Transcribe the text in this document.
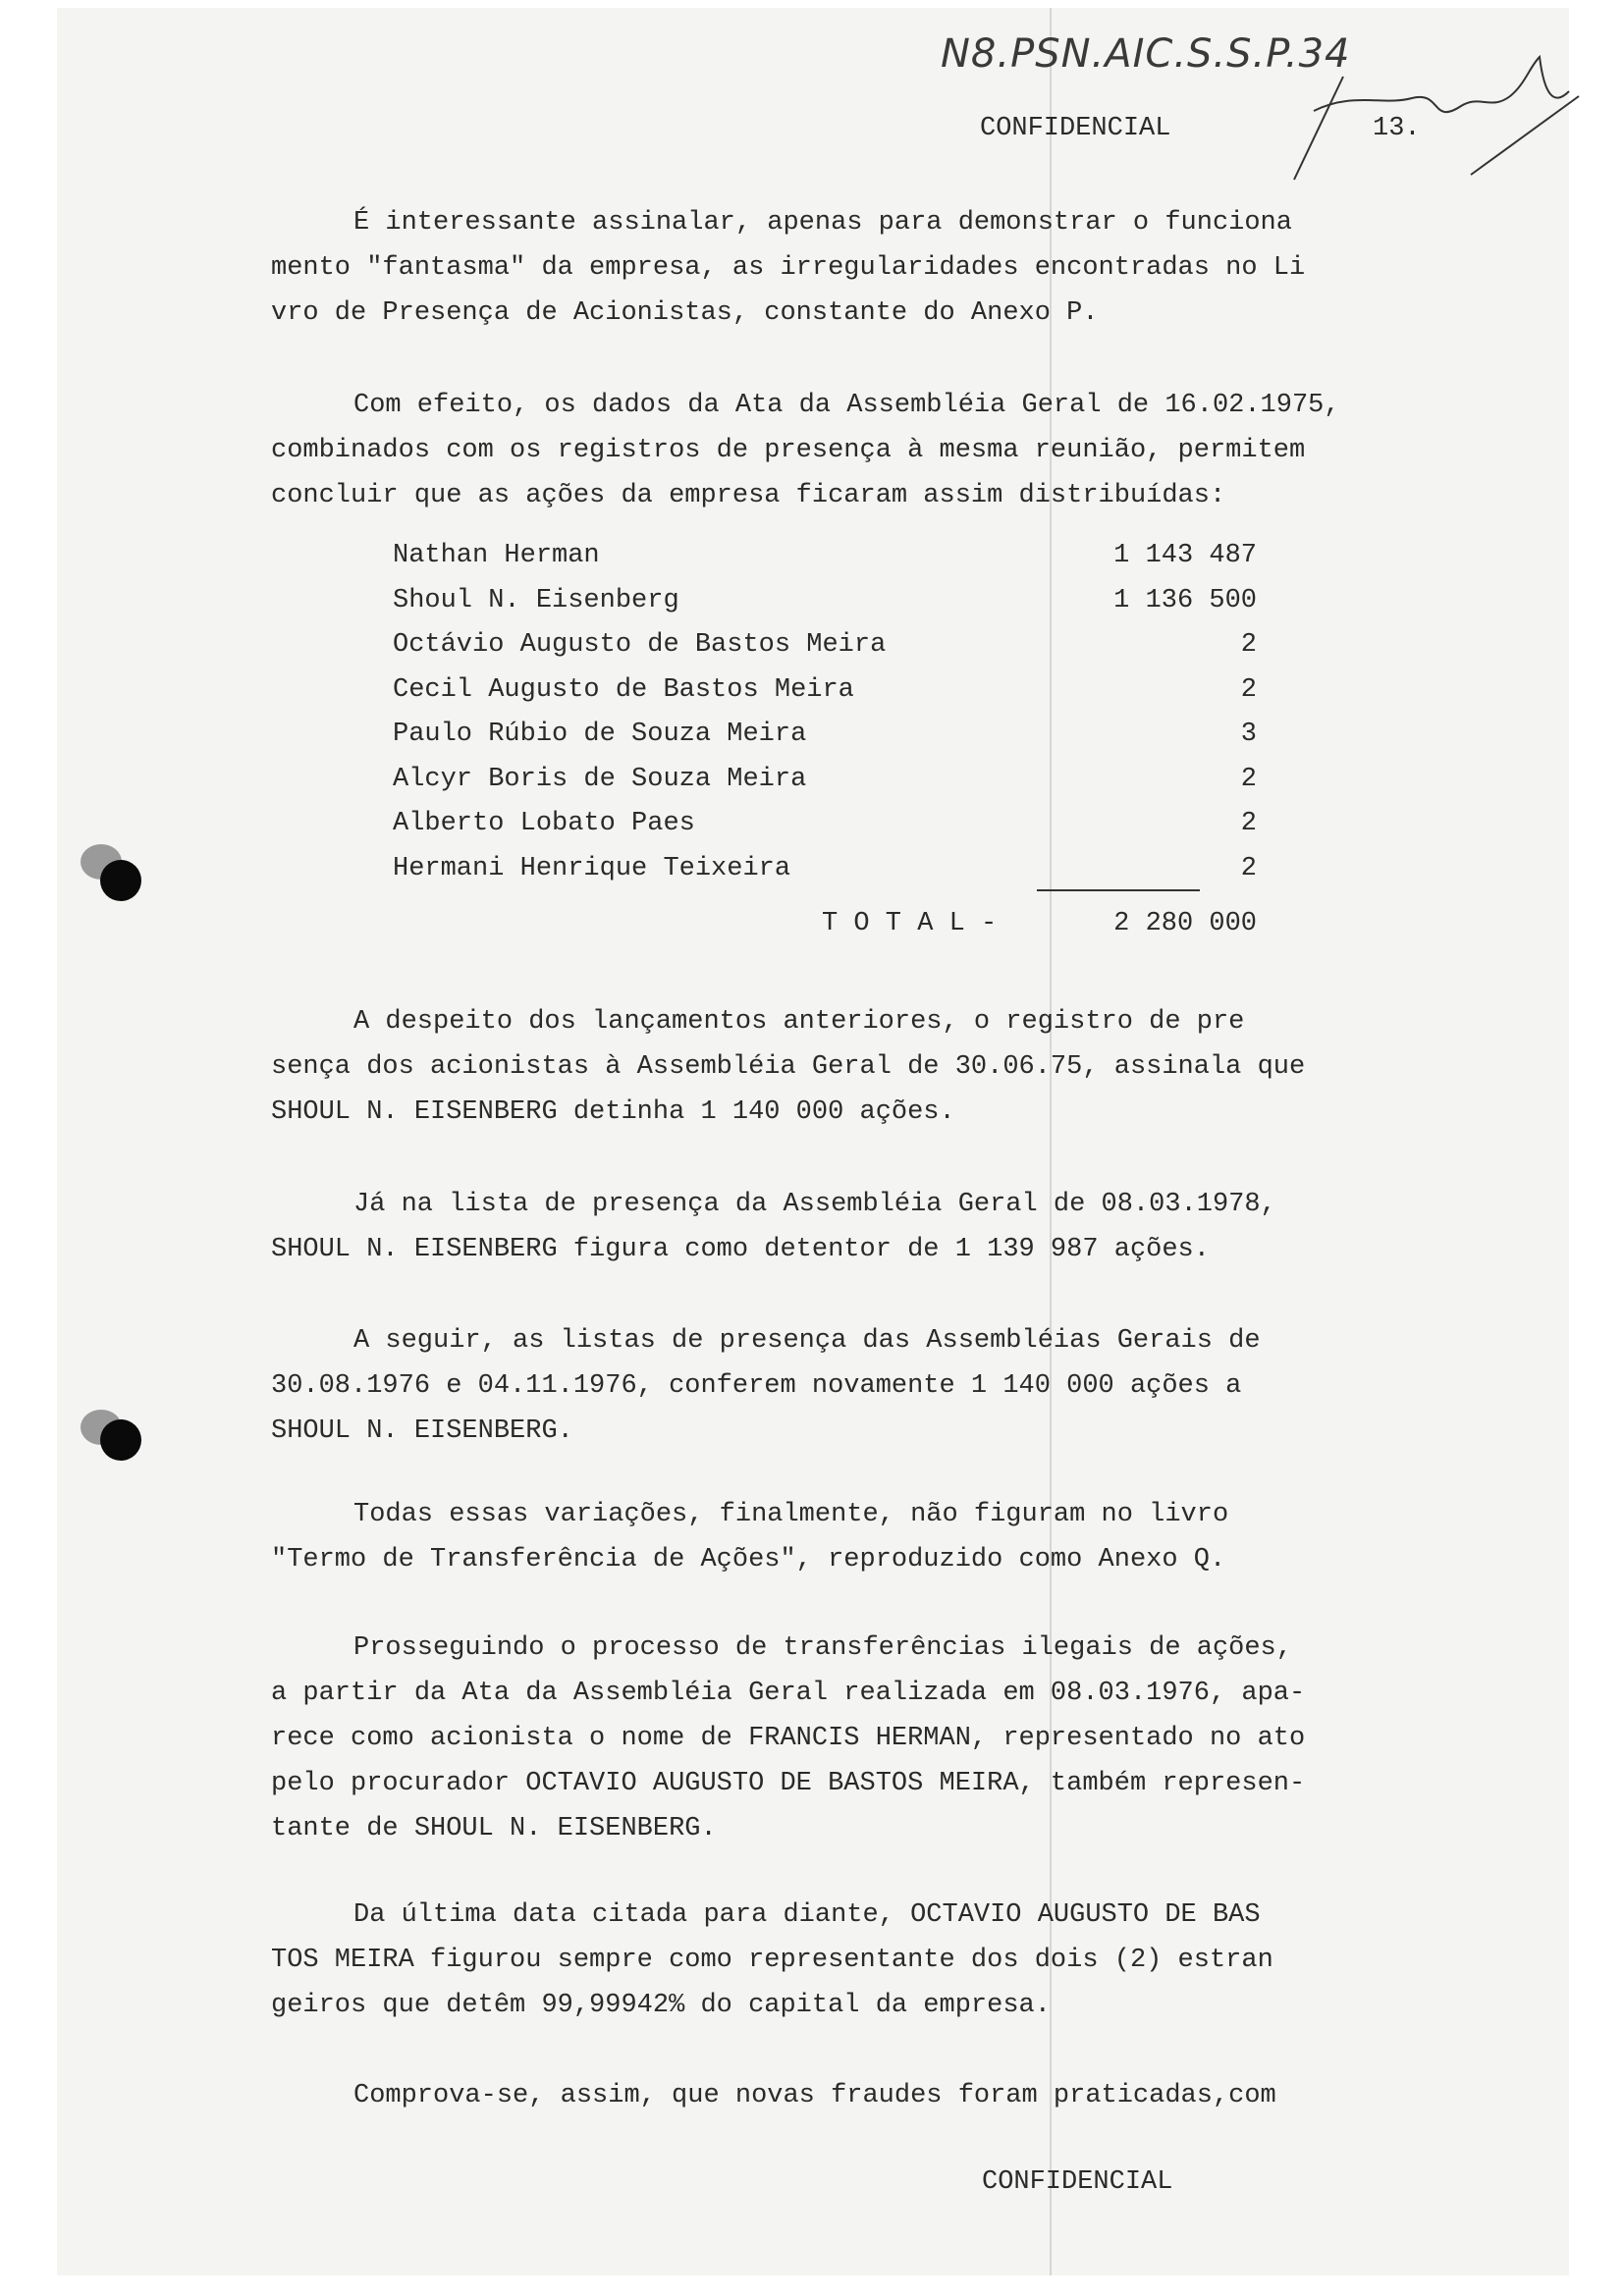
N8.PSN.AIC.S.S.P.34
CONFIDENCIAL	13.
É interessante assinalar, apenas para demonstrar o funciona
mento "fantasma" da empresa, as irregularidades encontradas no Li
vro de Presença de Acionistas, constante do Anexo P.
Com efeito, os dados da Ata da Assembléia Geral de 16.02.1975,
combinados com os registros de presença à mesma reunião, permitem
concluir que as ações da empresa ficaram assim distribuídas:
Nathan Herman	1 143 487
Shoul N. Eisenberg	1 136 500
Octávio Augusto de Bastos Meira	2
Cecil Augusto de Bastos Meira	2
Paulo Rúbio de Souza Meira	3
Alcyr Boris de Souza Meira	2
Alberto Lobato Paes	2
Hermani Henrique Teixeira	2
T O T A L -	2 280 000
A despeito dos lançamentos anteriores, o registro de pre
sença dos acionistas à Assembléia Geral de 30.06.75, assinala que
SHOUL N. EISENBERG detinha 1 140 000 ações.
Já na lista de presença da Assembléia Geral de 08.03.1978,
SHOUL N. EISENBERG figura como detentor de 1 139 987 ações.
A seguir, as listas de presença das Assembléias Gerais de
30.08.1976 e 04.11.1976, conferem novamente 1 140 000 ações a
SHOUL N. EISENBERG.
Todas essas variações, finalmente, não figuram no livro
"Termo de Transferência de Ações", reproduzido como Anexo Q.
Prosseguindo o processo de transferências ilegais de ações,
a partir da Ata da Assembléia Geral realizada em 08.03.1976, apa-
rece como acionista o nome de FRANCIS HERMAN, representado no ato
pelo procurador OCTAVIO AUGUSTO DE BASTOS MEIRA, também represen-
tante de SHOUL N. EISENBERG.
Da última data citada para diante, OCTAVIO AUGUSTO DE BAS
TOS MEIRA figurou sempre como representante dos dois (2) estran
geiros que detêm 99,99942% do capital da empresa.
Comprova-se, assim, que novas fraudes foram praticadas,com
CONFIDENCIAL
